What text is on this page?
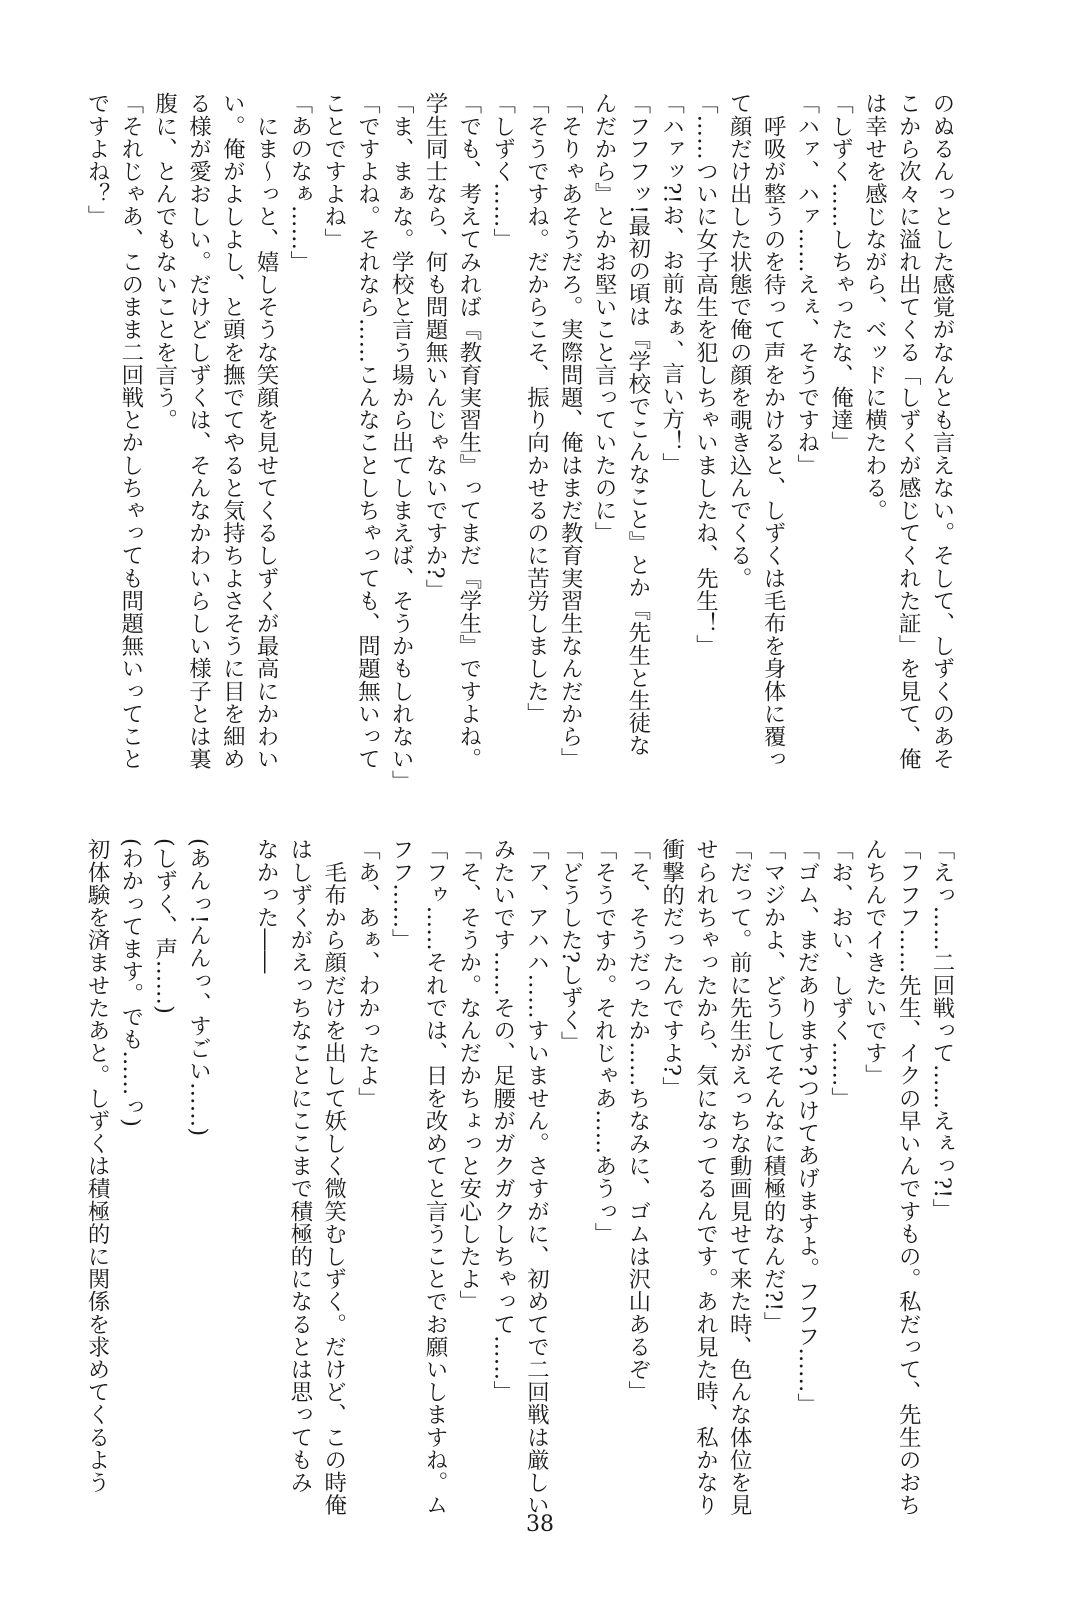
のぬるんっとした感覚がなんとも言えない。そして、しずくのあそ
こから次々に溢れ出てくる「しずくが感じてくれた証」を見て、俺
は幸せを感じながら、ベッドに横たわる。
「しずく……しちゃったな、俺達」
「ハァ、ハァ……えぇ、そうですね」
　呼吸が整うのを待って声をかけると、しずくは毛布を身体に覆っ
て顔だけ出した状態で俺の顔を覗き込んでくる。
「……ついに女子高生を犯しちゃいましたね、先生！」
「ハァッ?!お、お前なぁ、言い方！」
「フフフッ!最初の頃は『学校でこんなこと』とか『先生と生徒な
んだから』とかお堅いこと言っていたのに」
「そりゃあそうだろ。実際問題、俺はまだ教育実習生なんだから」
「そうですね。だからこそ、振り向かせるのに苦労しました」
「しずく……」
「でも、考えてみれば『教育実習生』ってまだ『学生』ですよね。
学生同士なら、何も問題無いんじゃないですか?」
「ま、まぁな。学校と言う場から出てしまえば、そうかもしれない」
「ですよね。それなら……こんなことしちゃっても、問題無いって
ことですよね」
「あのなぁ……」
　にま～っと、嬉しそうな笑顔を見せてくるしずくが最高にかわい
い。俺がよしよし、と頭を撫でてやると気持ちよさそうに目を細め
る様が愛おしい。だけどしずくは、そんなかわいらしい様子とは裏
腹に、とんでもないことを言う。
「それじゃあ、このまま二回戦とかしちゃっても問題無いってこと
ですよね？」
「えっ……二回戦って……えぇっ?!」
「フフフ……先生、イクの早いんですもの。私だって、先生のおち
んちんでイきたいです」
「お、おい、しずく……」
「ゴム、まだあります?つけてあげますよ。フフフ……」
「マジかよ、どうしてそんなに積極的なんだ?!」
「だって。前に先生がえっちな動画見せて来た時、色んな体位を見
せられちゃったから、気になってるんです。あれ見た時、私かなり
衝撃的だったんですよ?」
「そ、そうだったか……ちなみに、ゴムは沢山あるぞ」
「そうですか。それじゃあ……あうっ」
「どうした?しずく」
「ア、アハハ……すいません。さすがに、初めてで二回戦は厳しい
みたいです……その、足腰がガクガクしちゃって……」
「そ、そうか。なんだかちょっと安心したよ」
「フゥ……それでは、日を改めてと言うことでお願いしますね。ム
フフ……」
「あ、あぁ、わかったよ」
　毛布から顔だけを出して妖しく微笑むしずく。だけど、この時俺
はしずくがえっちなことにここまで積極的になるとは思ってもみ
なかった――
(あんっ!んんっ、すごい……)
(しずく、声……)
(わかってます。でも……っ)
初体験を済ませたあと。しずくは積極的に関係を求めてくるよう
38
